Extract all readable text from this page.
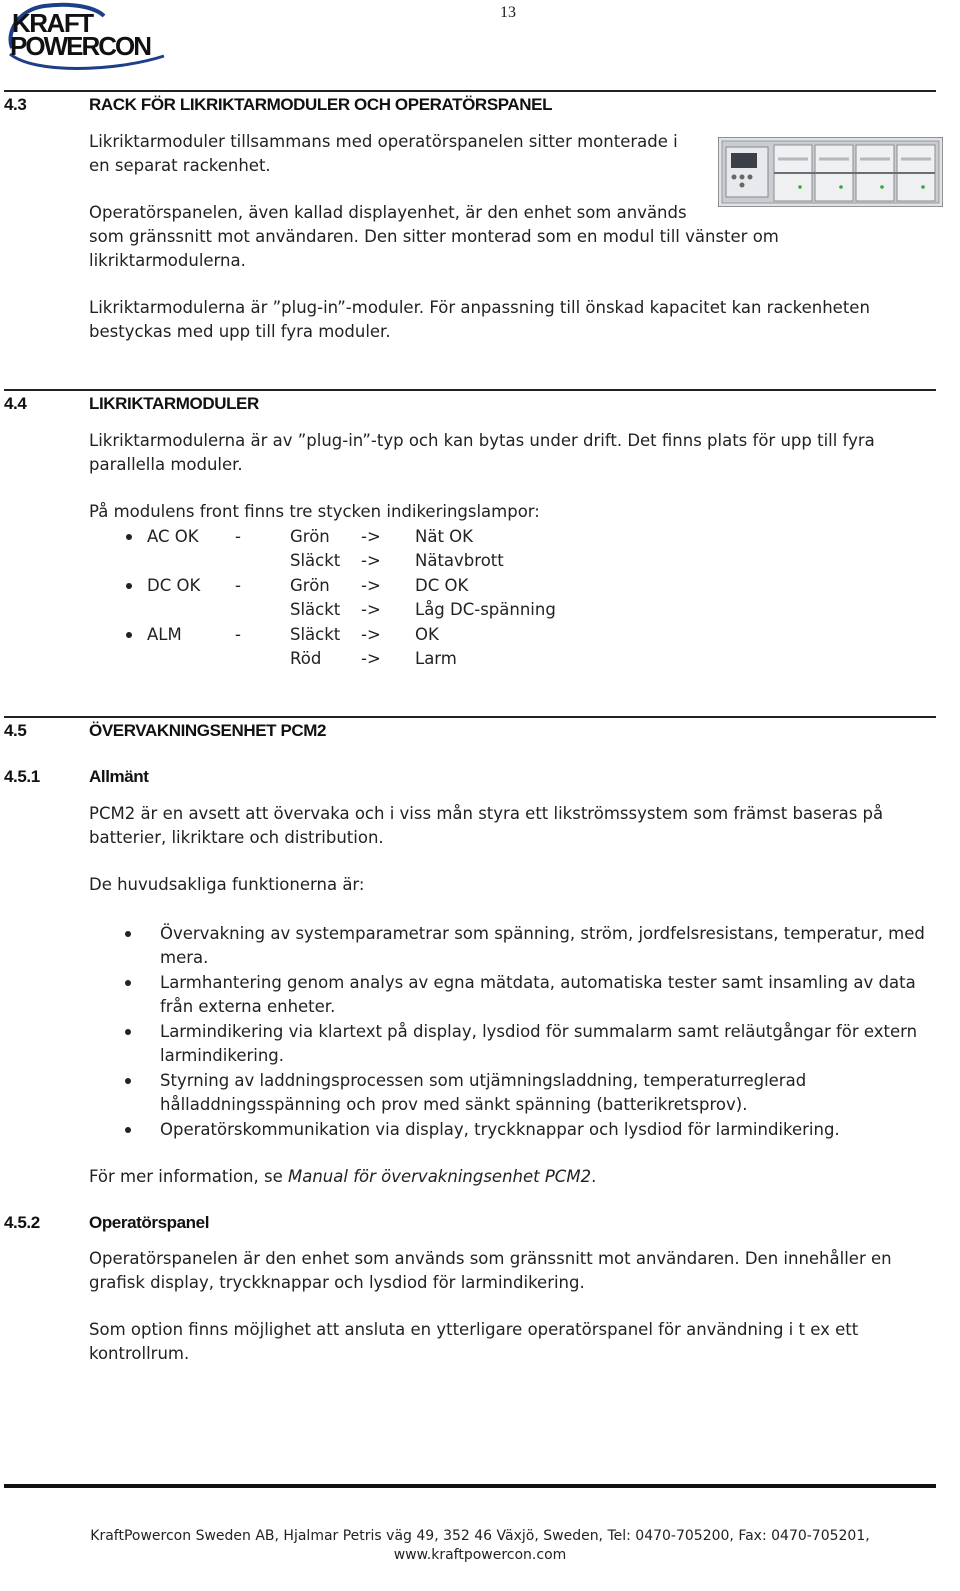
KRAFT
POWERCON
13
4.3	RACK FÖR LIKRIKTARMODULER OCH OPERATÖRSPANEL
Likriktarmoduler tillsammans med operatörspanelen sitter monterade i
en separat rackenhet.
Operatörspanelen, även kallad displayenhet, är den enhet som används
som gränssnitt mot användaren. Den sitter monterad som en modul till vänster om
likriktarmodulerna.
Likriktarmodulerna är ”plug-in”-moduler. För anpassning till önskad kapacitet kan rackenheten
bestyckas med upp till fyra moduler.
4.4	LIKRIKTARMODULER
Likriktarmodulerna är av ”plug-in”-typ och kan bytas under drift. Det finns plats för upp till fyra
parallella moduler.
På modulens front finns tre stycken indikeringslampor:
AC OK -	Grön -> Nät OK
Släckt -> Nätavbrott
DC OK -	Grön -> DC OK
Släckt -> Låg DC-spänning
ALM	-	Släckt -> OK
Röd -> Larm
4.5	ÖVERVAKNINGSENHET PCM2
4.5.1	Allmänt
PCM2 är en avsett att övervaka och i viss mån styra ett likströmssystem som främst baseras på
batterier, likriktare och distribution.
De huvudsakliga funktionerna är:
Övervakning av systemparametrar som spänning, ström, jordfelsresistans, temperatur, med
mera.
Larmhantering genom analys av egna mätdata, automatiska tester samt insamling av data
från externa enheter.
Larmindikering via klartext på display, lysdiod för summalarm samt reläutgångar för extern
larmindikering.
Styrning av laddningsprocessen som utjämningsladdning, temperaturreglerad
hålladdningsspänning och prov med sänkt spänning (batterikretsprov).
Operatörskommunikation via display, tryckknappar och lysdiod för larmindikering.
För mer information, se Manual för övervakningsenhet PCM2.
4.5.2	Operatörspanel
Operatörspanelen är den enhet som används som gränssnitt mot användaren. Den innehåller en
grafisk display, tryckknappar och lysdiod för larmindikering.
Som option finns möjlighet att ansluta en ytterligare operatörspanel för användning i t ex ett
kontrollrum.
KraftPowercon Sweden AB, Hjalmar Petris väg 49, 352 46 Växjö, Sweden, Tel: 0470-705200, Fax: 0470-705201,
www.kraftpowercon.com
